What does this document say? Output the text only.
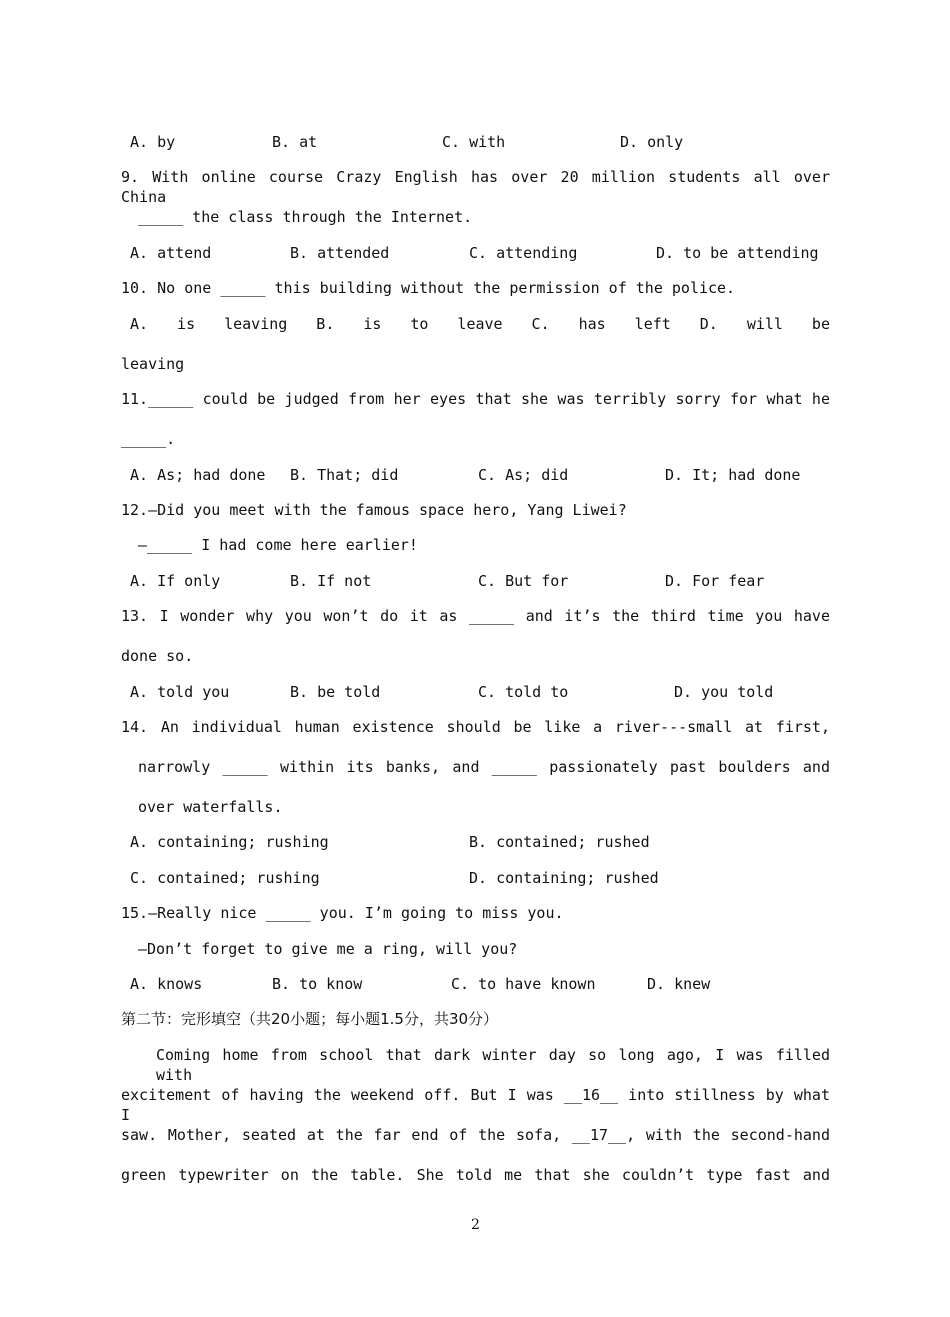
A. by	B. at	C. with	D. only
9. With online course Crazy English has over 20 million students all over China
_____ the class through the Internet.
A. attend	B. attended	C. attending	D. to be attending
10. No one _____ this building without the permission of the police.
A. is leaving B. is to leave C. has left D. will be
leaving
11._____ could be judged from her eyes that she was terribly sorry for what he
_____.
A. As; had done B. That; did	C. As; did	D. It; had done
12.—Did you meet with the famous space hero, Yang Liwei?
—_____ I had come here earlier!
A. If only	B. If not	C. But for	D. For fear
13. I wonder why you won’t do it as _____ and it’s the third time you have
done so.
A. told you	B. be told	C. told to	D. you told
14. An individual human existence should be like a river---small at first,
narrowly _____ within its banks, and _____ passionately past boulders and
over waterfalls.
A. containing; rushing	B. contained; rushed
C. contained; rushing	D. containing; rushed
15.—Really nice _____ you. I’m going to miss you.
—Don’t forget to give me a ring, will you?
A. knows	B. to know	C. to have known	D. knew
第二节：完形填空（共20小题；每小题1.5分，共30分）
Coming home from school that dark winter day so long ago, I was filled with
excitement of having the weekend off. But I was __16__ into stillness by what I
saw. Mother, seated at the far end of the sofa, __17__, with the second-hand
green typewriter on the table. She told me that she couldn’t type fast and
2
